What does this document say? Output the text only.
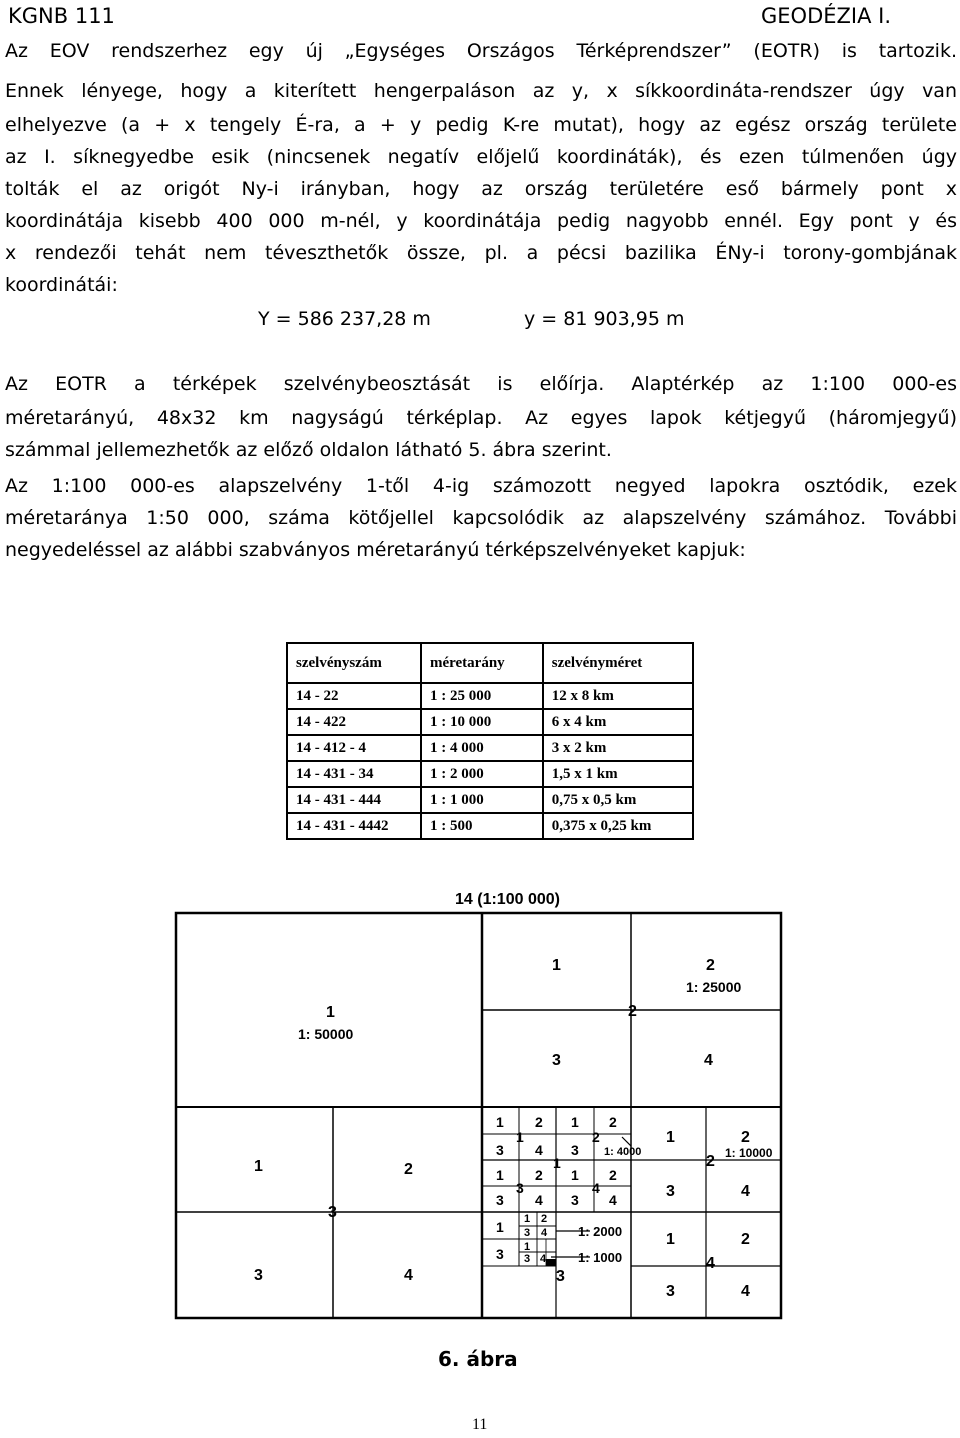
KGNB 111	GEODÉZIA I.
Az EOV rendszerhez egy új „Egységes Országos Térképrendszer” (EOTR) is tartozik.
Ennek lényege, hogy a kiterített hengerpaláson az y, x síkkoordináta-rendszer úgy van
elhelyezve (a + x tengely É-ra, a + y pedig K-re mutat), hogy az egész ország területe
az I. síknegyedbe esik (nincsenek negatív előjelű koordináták), és ezen túlmenően úgy
tolták el az origót Ny-i irányban, hogy az ország területére eső bármely pont x
koordinátája kisebb 400 000 m-nél, y koordinátája pedig nagyobb ennél. Egy pont y és
x rendezői tehát nem téveszthetők össze, pl. a pécsi bazilika ÉNy-i torony-gombjának
koordinátái:
Y = 586 237,28 m	y = 81 903,95 m
Az EOTR a térképek szelvénybeosztását is előírja. Alaptérkép az 1:100 000-es
méretarányú, 48x32 km nagyságú térképlap. Az egyes lapok kétjegyű (háromjegyű)
számmal jellemezhetők az előző oldalon látható 5. ábra szerint.
Az 1:100 000-es alapszelvény 1-től 4-ig számozott negyed lapokra osztódik, ezek
méretaránya 1:50 000, száma kötőjellel kapcsolódik az alapszelvény számához. További
negyedeléssel az alábbi szabványos méretarányú térképszelvényeket kapjuk:
szelvényszám	méretarány	szelvényméret
14 - 22	1 : 25 000	12 x 8 km
14 - 422	1 : 10 000	6 x 4 km
14 - 412 - 4	1 : 4 000	3 x 2 km
14 - 431 - 34	1 : 2 000	1,5 x 1 km
14 - 431 - 444	1 : 1 000	0,75 x 0,5 km
14 - 431 - 4442	1 : 500	0,375 x 0,25 km
14 (1:100 000)
1
1: 50000
1	2
1: 25000
2
3	4
1	2
3
3	4
1 2 1 2
1	2
3 4 3 1: 4000
1
1 2 1 2
3	4
3 4 3 4
1	2
1: 10000
2
3	4
1	2
3
4
4
1
3
1 2
3 4
1
3 4
3
1: 2000
1: 1000
6. ábra
11
